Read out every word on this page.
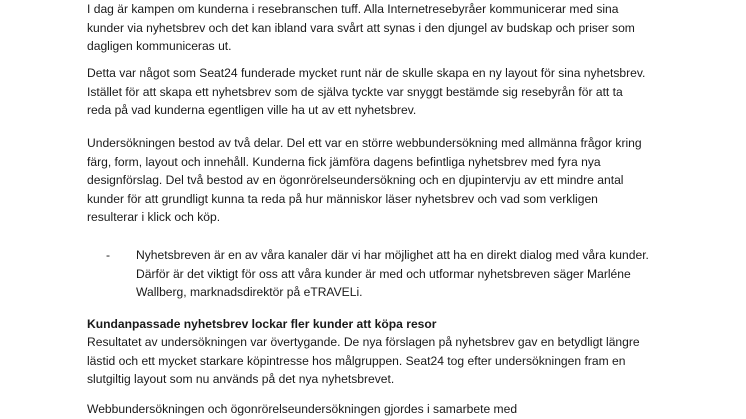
I dag är kampen om kunderna i resebranschen tuff. Alla Internetresebyråer kommunicerar med sina
kunder via nyhetsbrev och det kan ibland vara svårt att synas i den djungel av budskap och priser som
dagligen kommuniceras ut.
Detta var något som Seat24 funderade mycket runt när de skulle skapa en ny layout för sina nyhetsbrev.
Istället för att skapa ett nyhetsbrev som de själva tyckte var snyggt bestämde sig resebyrån för att ta
reda på vad kunderna egentligen ville ha ut av ett nyhetsbrev.
Undersökningen bestod av två delar. Del ett var en större webbundersökning med allmänna frågor kring
färg, form, layout och innehåll. Kunderna fick jämföra dagens befintliga nyhetsbrev med fyra nya
designförslag. Del två bestod av en ögonrörelseundersökning och en djupintervju av ett mindre antal
kunder för att grundligt kunna ta reda på hur människor läser nyhetsbrev och vad som verkligen
resulterar i klick och köp.
- Nyhetsbreven är en av våra kanaler där vi har möjlighet att ha en direkt dialog med våra kunder.
Därför är det viktigt för oss att våra kunder är med och utformar nyhetsbreven säger Marléne
Wallberg, marknadsdirektör på eTRAVELi.
Kundanpassade nyhetsbrev lockar fler kunder att köpa resor
Resultatet av undersökningen var övertygande. De nya förslagen på nyhetsbrev gav en betydligt längre
lästid och ett mycket starkare köpintresse hos målgruppen. Seat24 tog efter undersökningen fram en
slutgiltig layout som nu används på det nya nyhetsbrevet.
Webbundersökningen och ögonrörelseundersökningen gjordes i samarbete med
